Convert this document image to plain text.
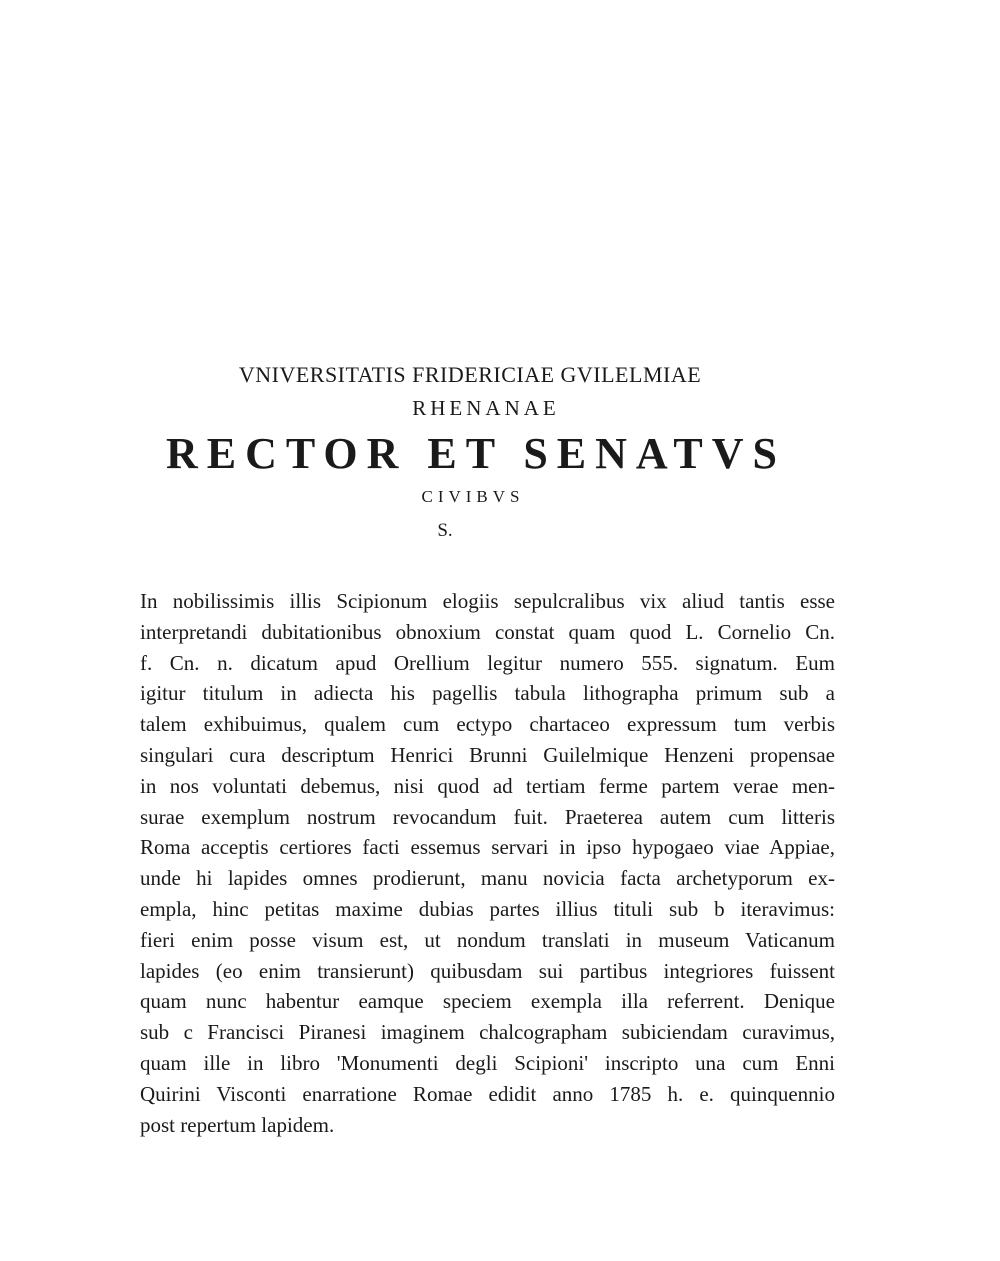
VNIVERSITATIS FRIDERICIAE GVILELMIAE
RHENANAE
RECTOR ET SENATVS
CIVIBVS
S.
In nobilissimis illis Scipionum elogiis sepulcralibus vix aliud tantis esse
interpretandi dubitationibus obnoxium constat quam quod L. Cornelio Cn.
f. Cn. n. dicatum apud Orellium legitur numero 555. signatum. Eum
igitur titulum in adiecta his pagellis tabula lithographa primum sub a
talem exhibuimus, qualem cum ectypo chartaceo expressum tum verbis
singulari cura descriptum Henrici Brunni Guilelmique Henzeni propensae
in nos voluntati debemus, nisi quod ad tertiam ferme partem verae men-
surae exemplum nostrum revocandum fuit. Praeterea autem cum litteris
Roma acceptis certiores facti essemus servari in ipso hypogaeo viae Appiae,
unde hi lapides omnes prodierunt, manu novicia facta archetyporum ex-
empla, hinc petitas maxime dubias partes illius tituli sub b iteravimus:
fieri enim posse visum est, ut nondum translati in museum Vaticanum
lapides (eo enim transierunt) quibusdam sui partibus integriores fuissent
quam nunc habentur eamque speciem exempla illa referrent. Denique
sub c Francisci Piranesi imaginem chalcographam subiciendam curavimus,
quam ille in libro 'Monumenti degli Scipioni' inscripto una cum Enni
Quirini Visconti enarratione Romae edidit anno 1785 h. e. quinquennio
post repertum lapidem.
